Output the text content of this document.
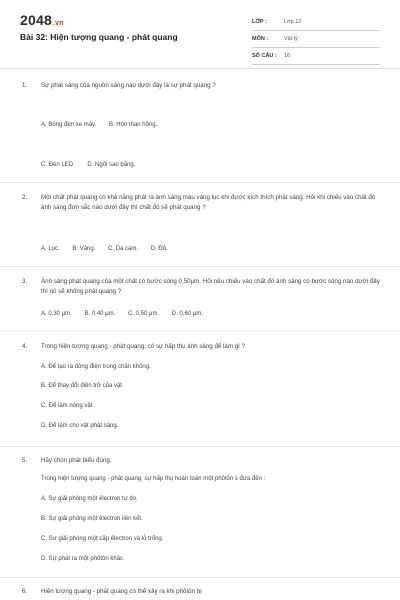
2048.vn
Bài 32: Hiện tượng quang - phát quang
LỚP :	Lớp 12
MÔN :	Vật lý
SỐ CÂU :	16
1.	Sự phát sáng của nguồn sáng nào dưới đây là sự phát quang ?
A. Bóng đèn xe máy. B. Hòn than hồng.
C. Đèn LED. D. Ngôi sao băng.
2.	Một chất phát quang có khả năng phát ra ánh sáng màu vàng lục khi được kích thích phát sáng. Hỏi khi chiếu vào chất đó ánh sáng đơn sắc nào dưới đây thì chất đó sẽ phát quang ?
A. Lục. B. Vàng. C. Da cam. D. Đỏ.
3.	Ánh sáng phát quang của một chất có bước sóng 0,50μm. Hỏi nếu chiếu vào chất đó ánh sáng có bước sóng nào dưới đây thì nó sẽ không phát quang ?
A. 0,30 μm. B. 0,40 μm. C. 0,50 μm. D. 0,60 μm.
4.	Trong hiện tượng quang - phát quang, có sự hấp thụ ánh sáng để làm gì ?
A. Để tạo ra dòng điện trong chân không.
B. Để thay đổi điện trở của vật
C. Để làm nóng vật.
D. Để làm cho vật phát sáng.
5.	Hãy chọn phát biểu đúng.
Trong hiện tượng quang - phát quang, sự hấp thụ hoàn toàn một phôtôn s đưa đến :
A. Sự giải phóng một êlectron tự do.
B. Sự giải phóng một êlectron liên kết.
C. Sự giải phóng một cặp êlectron và lỗ trống.
D. Sự phát ra một phôtôn khác
6.	Hiện tượng quang - phát quang có thể xảy ra khi phôtôn bị
